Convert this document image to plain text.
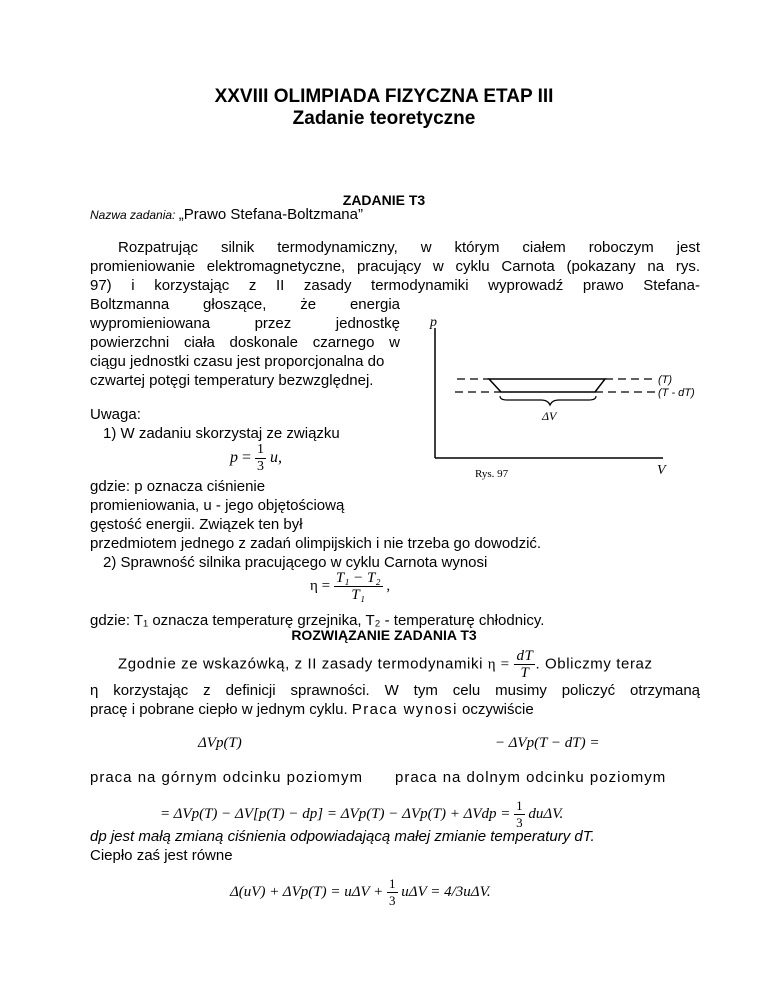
XXVIII OLIMPIADA FIZYCZNA ETAP III
Zadanie teoretyczne
ZADANIE T3
Nazwa zadania: „Prawo Stefana-Boltzmana”
Rozpatrując silnik termodynamiczny, w którym ciałem roboczym jest
promieniowanie elektromagnetyczne, pracujący w cyklu Carnota (pokazany na rys.
97) i korzystając z II zasady termodynamiki wyprowadź prawo Stefana-
Boltzmanna głoszące, że energia
wypromieniowana przez jednostkę
powierzchni ciała doskonale czarnego w
ciągu jednostki czasu jest proporcjonalna do
czwartej potęgi temperatury bezwzględnej.
Uwaga:
1) W zadaniu skorzystaj ze związku
$p = \frac{1}{3} u$,
gdzie: p oznacza ciśnienie
promieniowania, u - jego objętościową
gęstość energii. Związek ten był
przedmiotem jednego z zadań olimpijskich i nie trzeba go dowodzić.
2) Sprawność silnika pracującego w cyklu Carnota wynosi
$\eta = \frac{\text{T₁ − T₂}}{\text{T₁}}$ ,
gdzie: T₁ oznacza temperaturę grzejnika, T₂ - temperaturę chłodnicy.
p
V
ΔV
(T)
(T - dT)
Rys. 97
ROZWIĄZANIE ZADANIA T3
Zgodnie ze wskazówką, z II zasady termodynamiki $\eta = \frac{dT}{T}$ . Obliczmy teraz
η korzystając z definicji sprawności. W tym celu musimy policzyć otrzymaną
pracę i pobrane ciepło w jednym cyklu. Praca wynosi oczywiście
ΔVp(T)	− ΔVp(T − dT) =
praca na górnym odcinku poziomym praca na dolnym odcinku poziomym
= $\Delta Vp(T) - \Delta V[p(T) - dp] = \Delta Vp(T) - \Delta Vp(T) + \Delta Vdp = \frac{1}{3} du\Delta V$.
dp jest małą zmianą ciśnienia odpowiadającą małej zmianie temperatury dT.
Ciepło zaś jest równe
$\Delta(uV) + \Delta Vp(T) = u\Delta V + \frac{1}{3}$ uΔV = 4/3uΔV.
